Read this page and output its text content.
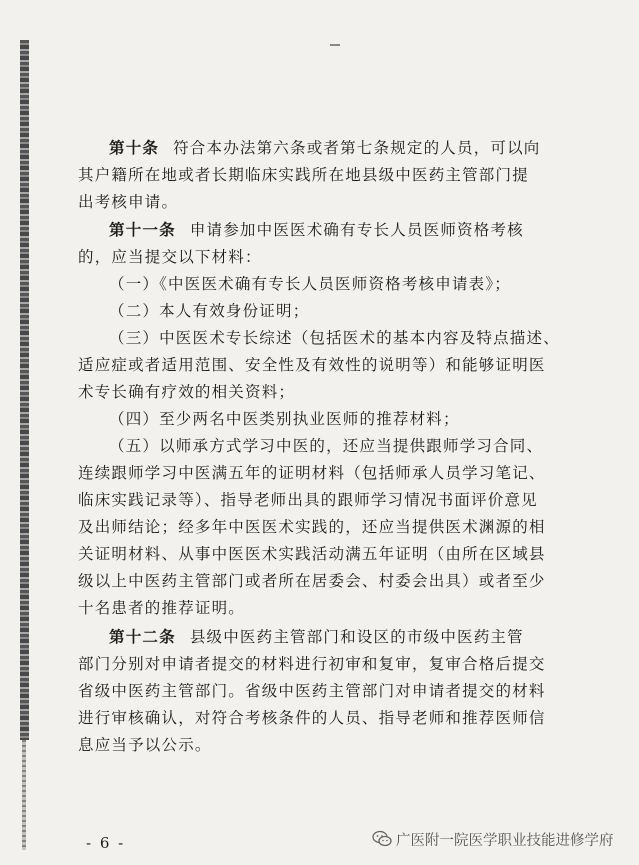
第十条 符合本办法第六条或者第七条规定的人员，可以向
其户籍所在地或者长期临床实践所在地县级中医药主管部门提
出考核申请。
第十一条 申请参加中医医术确有专长人员医师资格考核
的，应当提交以下材料：
（一）《中医医术确有专长人员医师资格考核申请表》；
（二）本人有效身份证明；
（三）中医医术专长综述（包括医术的基本内容及特点描述、
适应症或者适用范围、安全性及有效性的说明等）和能够证明医
术专长确有疗效的相关资料；
（四）至少两名中医类别执业医师的推荐材料；
（五）以师承方式学习中医的，还应当提供跟师学习合同、
连续跟师学习中医满五年的证明材料（包括师承人员学习笔记、
临床实践记录等）、指导老师出具的跟师学习情况书面评价意见
及出师结论；经多年中医医术实践的，还应当提供医术渊源的相
关证明材料、从事中医医术实践活动满五年证明（由所在区域县
级以上中医药主管部门或者所在居委会、村委会出具）或者至少
十名患者的推荐证明。
第十二条 县级中医药主管部门和设区的市级中医药主管
部门分别对申请者提交的材料进行初审和复审，复审合格后提交
省级中医药主管部门。省级中医药主管部门对申请者提交的材料
进行审核确认，对符合考核条件的人员、指导老师和推荐医师信
息应当予以公示。
- 6 -	广医附一院医学职业技能进修学府
